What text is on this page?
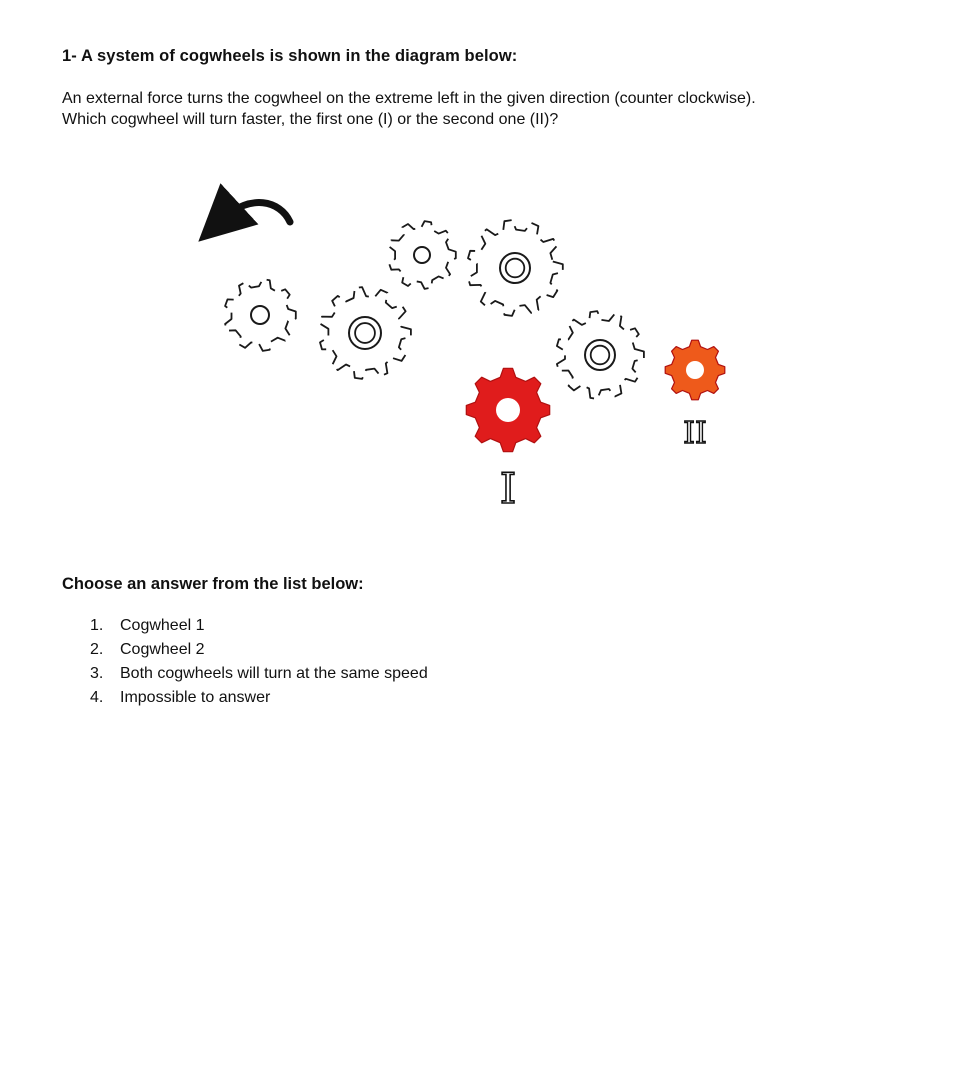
1- A system of cogwheels is shown in the diagram below:
An external force turns the cogwheel on the extreme left in the given direction (counter clockwise).
Which cogwheel will turn faster, the first one (I) or the second one (II)?
I
II
Choose an answer from the list below:
1.	Cogwheel 1
2.	Cogwheel 2
3.	Both cogwheels will turn at the same speed
4.	Impossible to answer
